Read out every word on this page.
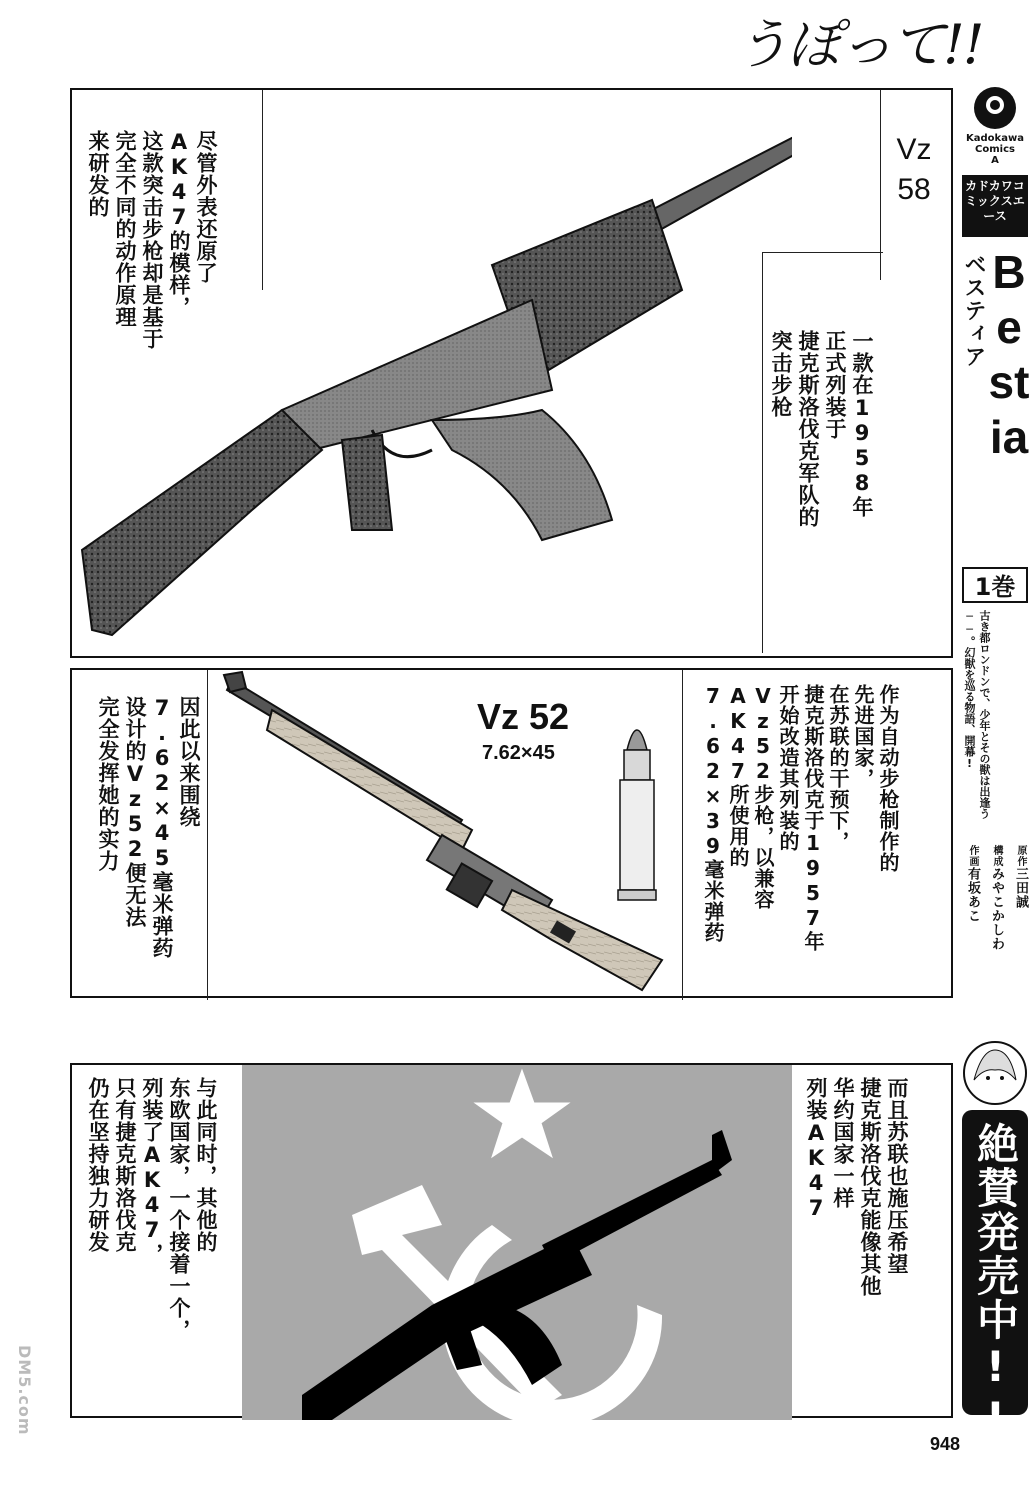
うぽって!!
尽管外表还原了
AK47的模样，
这款突击步枪却是基于
完全不同的动作原理
来研发的	Vz 58
一款在1958年
正式列装于
捷克斯洛伐克军队的
突击步枪
因此以来围绕
7.62×45毫米弹药
设计的Vz52便无法
完全发挥她的实力	Vz 52
7.62×45	作为自动步枪制作的
先进国家，
在苏联的干预下，
捷克斯洛伐克于1957年
开始改造其列装的
Vz52步枪，以兼容
AK47所使用的
7.62×39毫米弹药
与此同时，其他的
东欧国家，一个接着一个，
列装了AK47，
只有捷克斯洛伐克
仍在坚持独力研发	而且苏联也施压希望
捷克斯洛伐克能像其他
华约国家一样
列装AK47
Kadokawa
Comics
A
カドカワコミックスエース
Bestia
ベスティア
1巻
古き都ロンドンで、少年とその獣は出逢う──。幻獣を巡る物語、開幕!
原作三田誠
構成みやこかしわ
作画有坂あこ
絶賛発売中!!
DM5.com
948
